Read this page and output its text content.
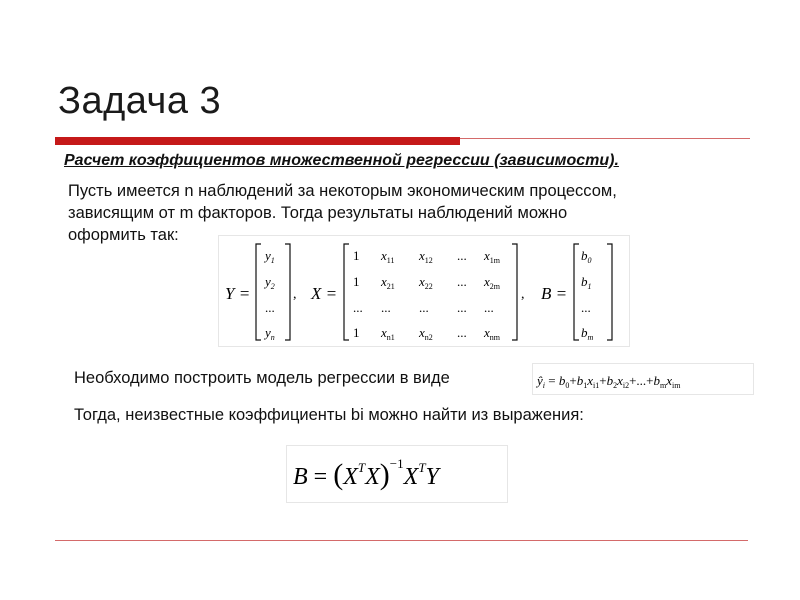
Задача 3
Расчет коэффициентов множественной регрессии (зависимости).

Пусть имеется n наблюдений за некоторым экономическим процессом,

зависящим от m факторов. Тогда результаты наблюдений можно

оформить так:

Y =
$y_1$
$y_2$
...
$y_n$
, X =
1 $x_{11}$ $x_{12}$ ... $x_{1m}$
1 $x_{21}$ $x_{22}$ ... $x_{2m}$
... ... ... ... ...
1 $x_{n1}$ $x_{n2}$ ... $x_{nm}$
, B =
$b_0$
$b_1$
...
$b_m$
Необходимо построить модель регрессии в виде	$ŷ_i = b_0+b_1x_{i1}+b_2x_{i2}+...+b_mx_{im}$
Тогда, неизвестные коэффициенты bi можно найти из выражения:
$B = (X^TX)^{-1}X^TY$
